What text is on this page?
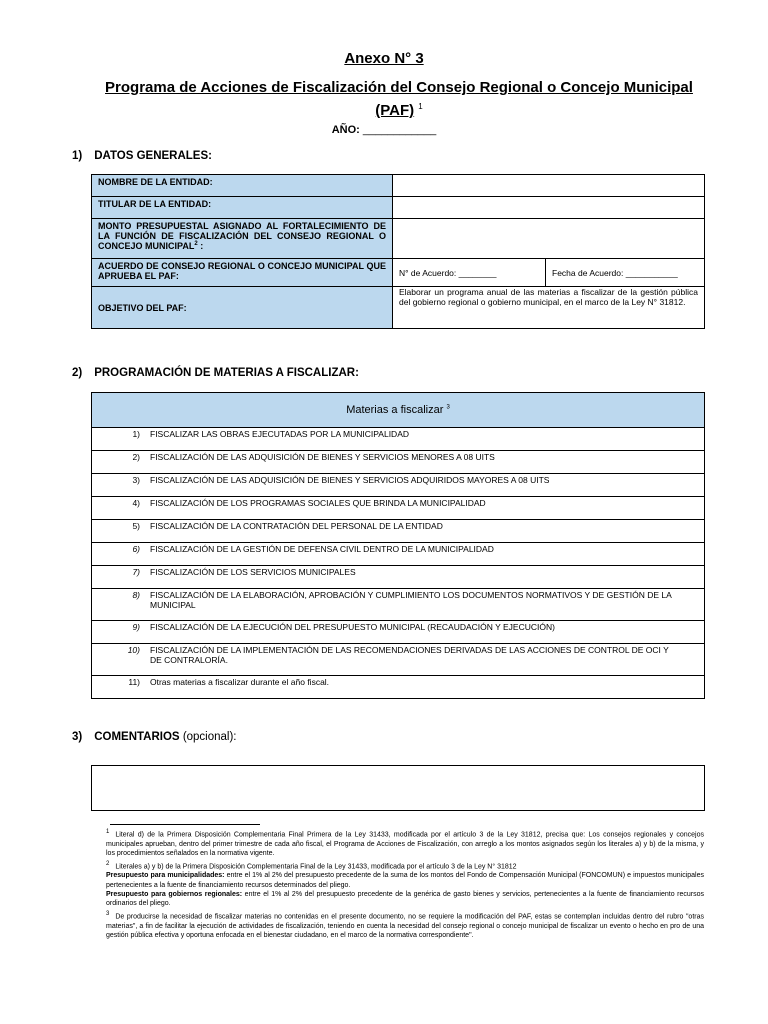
Anexo N° 3
Programa de Acciones de Fiscalización del Consejo Regional o Concejo Municipal
(PAF) $^1$
AÑO: ____________
1) DATOS GENERALES:
NOMBRE DE LA ENTIDAD:		
TITULAR DE LA ENTIDAD:		
MONTO PRESUPUESTAL ASIGNADO AL FORTALECIMIENTO DE LA FUNCIÓN DE FISCALIZACIÓN DEL CONSEJO REGIONAL O CONCEJO MUNICIPAL$^2$ :		
ACUERDO DE CONSEJO REGIONAL O CONCEJO MUNICIPAL QUE APRUEBA EL PAF:	N° de Acuerdo: ________	Fecha de Acuerdo: ___________
OBJETIVO DEL PAF:	Elaborar un programa anual de las materias a fiscalizar de la gestión pública del gobierno regional o gobierno municipal, en el marco de la Ley N° 31812.	
2) PROGRAMACIÓN DE MATERIAS A FISCALIZAR:
Materias a fiscalizar $^3$
1) FISCALIZAR LAS OBRAS EJECUTADAS POR LA MUNICIPALIDAD
2) FISCALIZACIÓN DE LAS ADQUISICIÓN DE BIENES Y SERVICIOS MENORES A 08 UITS
3) FISCALIZACIÓN DE LAS ADQUISICIÓN DE BIENES Y SERVICIOS ADQUIRIDOS MAYORES A 08 UITS
4) FISCALIZACIÓN DE LOS PROGRAMAS SOCIALES QUE BRINDA LA MUNICIPALIDAD
5) FISCALIZACIÓN DE LA CONTRATACIÓN DEL PERSONAL DE LA ENTIDAD
6) FISCALIZACIÓN DE LA GESTIÓN DE DEFENSA CIVIL DENTRO DE LA MUNICIPALIDAD
7) FISCALIZACIÓN DE LOS SERVICIOS MUNICIPALES
8) FISCALIZACIÓN DE LA ELABORACIÓN, APROBACIÓN Y CUMPLIMIENTO LOS DOCUMENTOS NORMATIVOS Y DE GESTIÓN DE LA MUNICIPAL
9) FISCALIZACIÓN DE LA EJECUCIÓN DEL PRESUPUESTO MUNICIPAL (RECAUDACIÓN Y EJECUCIÓN)
10) FISCALIZACIÓN DE LA IMPLEMENTACIÓN DE LAS RECOMENDACIONES DERIVADAS DE LAS ACCIONES DE CONTROL DE OCI Y DE CONTRALORÍA.
11) Otras materias a fiscalizar durante el año fiscal.
3) COMENTARIOS (opcional):

$^1$ Literal d) de la Primera Disposición Complementaria Final Primera de la Ley 31433, modificada por el artículo 3 de la Ley 31812, precisa que: Los consejos regionales y concejos municipales aprueban, dentro del primer trimestre de cada año fiscal, el Programa de Acciones de Fiscalización, con arreglo a los montos asignados según los literales a) y b) de la misma, y los procedimientos señalados en la normativa vigente.

$^2$ Literales a) y b) de la Primera Disposición Complementaria Final de la Ley 31433, modificada por el artículo 3 de la Ley N° 31812

Presupuesto para municipalidades: entre el 1% al 2% del presupuesto precedente de la suma de los montos del Fondo de Compensación Municipal (FONCOMUN) e impuestos municipales pertenecientes a la fuente de financiamiento recursos determinados del pliego.

Presupuesto para gobiernos regionales: entre el 1% al 2% del presupuesto precedente de la genérica de gasto bienes y servicios, pertenecientes a la fuente de financiamiento recursos ordinarios del pliego.

$^3$ De producirse la necesidad de fiscalizar materias no contenidas en el presente documento, no se requiere la modificación del PAF, estas se contemplan incluidas dentro del rubro "otras materias", a fin de facilitar la ejecución de actividades de fiscalización, teniendo en cuenta la necesidad del consejo regional o concejo municipal de fiscalizar un evento o hecho en pro de una gestión pública efectiva y oportuna enfocada en el bienestar ciudadano, en el marco de la normativa correspondiente".
